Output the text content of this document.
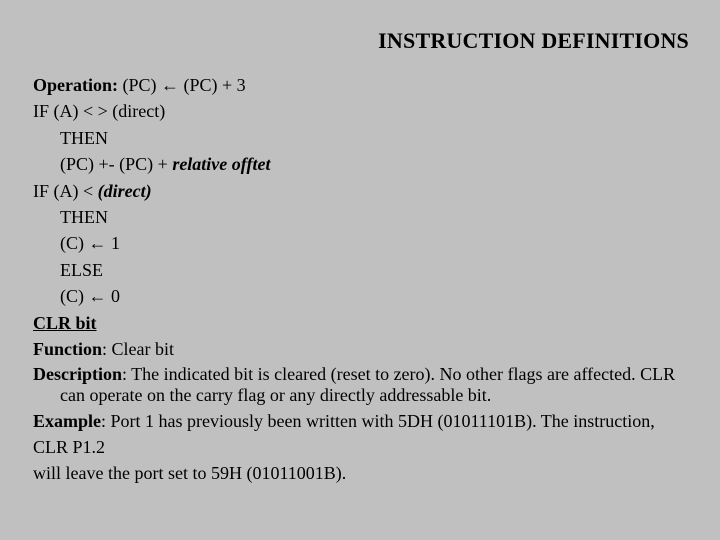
INSTRUCTION DEFINITIONS
Operation: (PC) ← (PC) + 3
IF (A) < > (direct)
THEN
(PC) +- (PC) + relative offtet
IF (A) < (direct)
THEN
(C) ← 1
ELSE
(C) ← 0
CLR bit
Function: Clear bit
Description: The indicated bit is cleared (reset to zero). No other flags are affected. CLR can operate on the carry flag or any directly addressable bit.
Example: Port 1 has previously been written with 5DH (01011101B). The instruction,
CLR P1.2
will leave the port set to 59H (01011001B).
